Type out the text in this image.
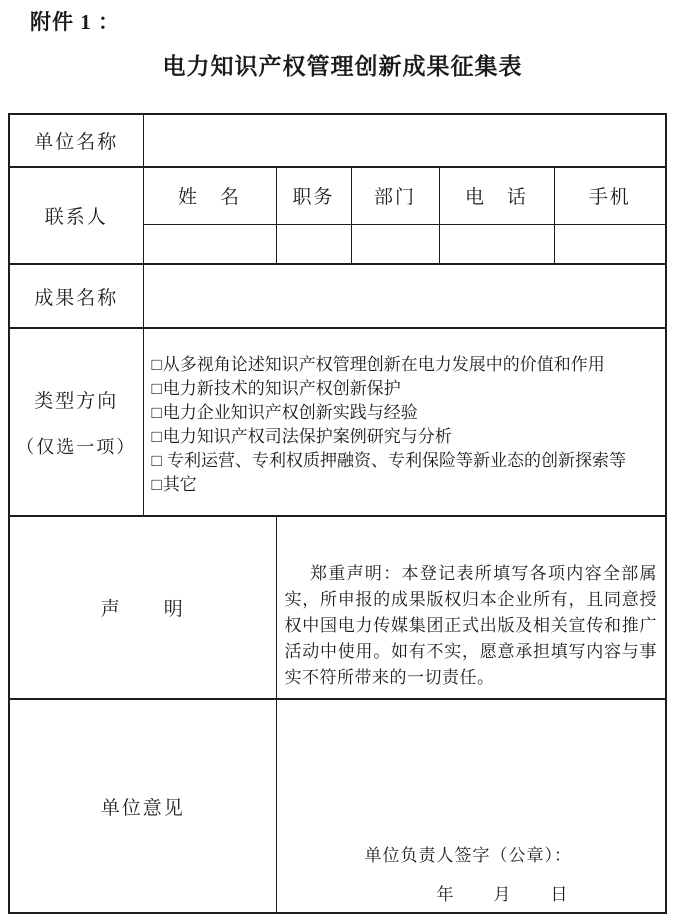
附件 1 ：
电力知识产权管理创新成果征集表
单位名称					
联系人	姓　名	职务	部门	电　话	手机

成果名称					

类型方向
（仅选一项）

□从多视角论述知识产权管理创新在电力发展中的价值和作用
□电力新技术的知识产权创新保护
□电力企业知识产权创新实践与经验
□电力知识产权司法保护案例研究与分析
□ 专利运营、专利权质押融资、专利保险等新业态的创新探索等
□其它

声　　明		郑重声明：本登记表所填写各项内容全部属实，所申报的成果版权归本企业所有，且同意授权中国电力传媒集团正式出版及相关宣传和推广活动中使用。如有不实，愿意承担填写内容与事实不符所带来的一切责任。			

单位意见		单位负责人签字（公章）：
年　　月　　日			
